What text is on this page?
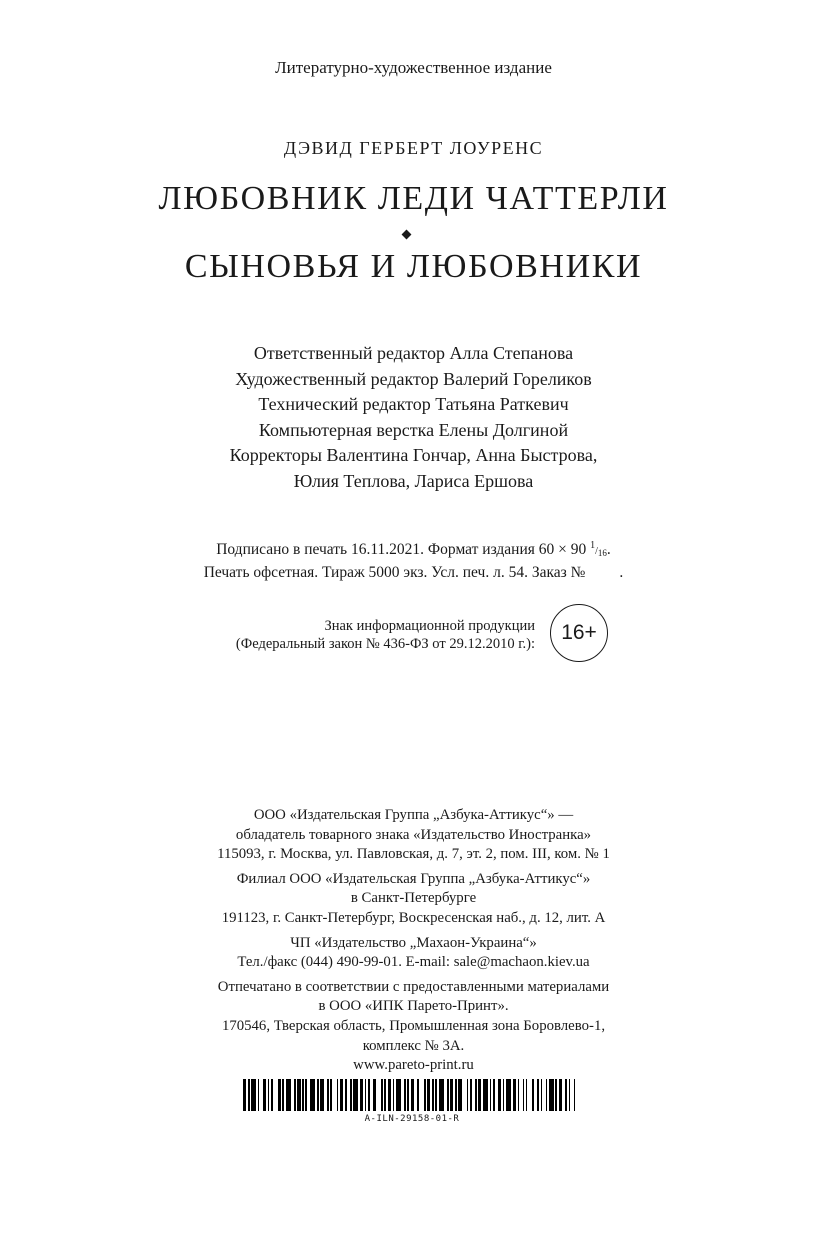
Литературно-художественное издание
ДЭВИД ГЕРБЕРТ ЛОУРЕНС
ЛЮБОВНИК ЛЕДИ ЧАТТЕРЛИ
СЫНОВЬЯ И ЛЮБОВНИКИ
Ответственный редактор Алла Степанова
Художественный редактор Валерий Гореликов
Технический редактор Татьяна Раткевич
Компьютерная верстка Елены Долгиной
Корректоры Валентина Гончар, Анна Быстрова,
Юлия Теплова, Лариса Ершова
Подписано в печать 16.11.2021. Формат издания 60 × 90 $^1/_{16}$.
Печать офсетная. Тираж 5000 экз. Усл. печ. л. 54. Заказ № .
Знак информационной продукции
(Федеральный закон № 436-ФЗ от 29.12.2010 г.):	16+
ООО «Издательская Группа „Азбука-Аттикус“» —
обладатель товарного знака «Издательство Иностранка»
115093, г. Москва, ул. Павловская, д. 7, эт. 2, пом. III, ком. № 1
Филиал ООО «Издательская Группа „Азбука-Аттикус“»
в Санкт-Петербурге
191123, г. Санкт-Петербург, Воскресенская наб., д. 12, лит. А
ЧП «Издательство „Махаон-Украина“»
Тел./факс (044) 490-99-01. E-mail: sale@machaon.kiev.ua
Отпечатано в соответствии с предоставленными материалами
в ООО «ИПК Парето-Принт».
170546, Тверская область, Промышленная зона Боровлево-1,
комплекс № 3А.
www.pareto-print.ru
A-ILN-29158-01-R
